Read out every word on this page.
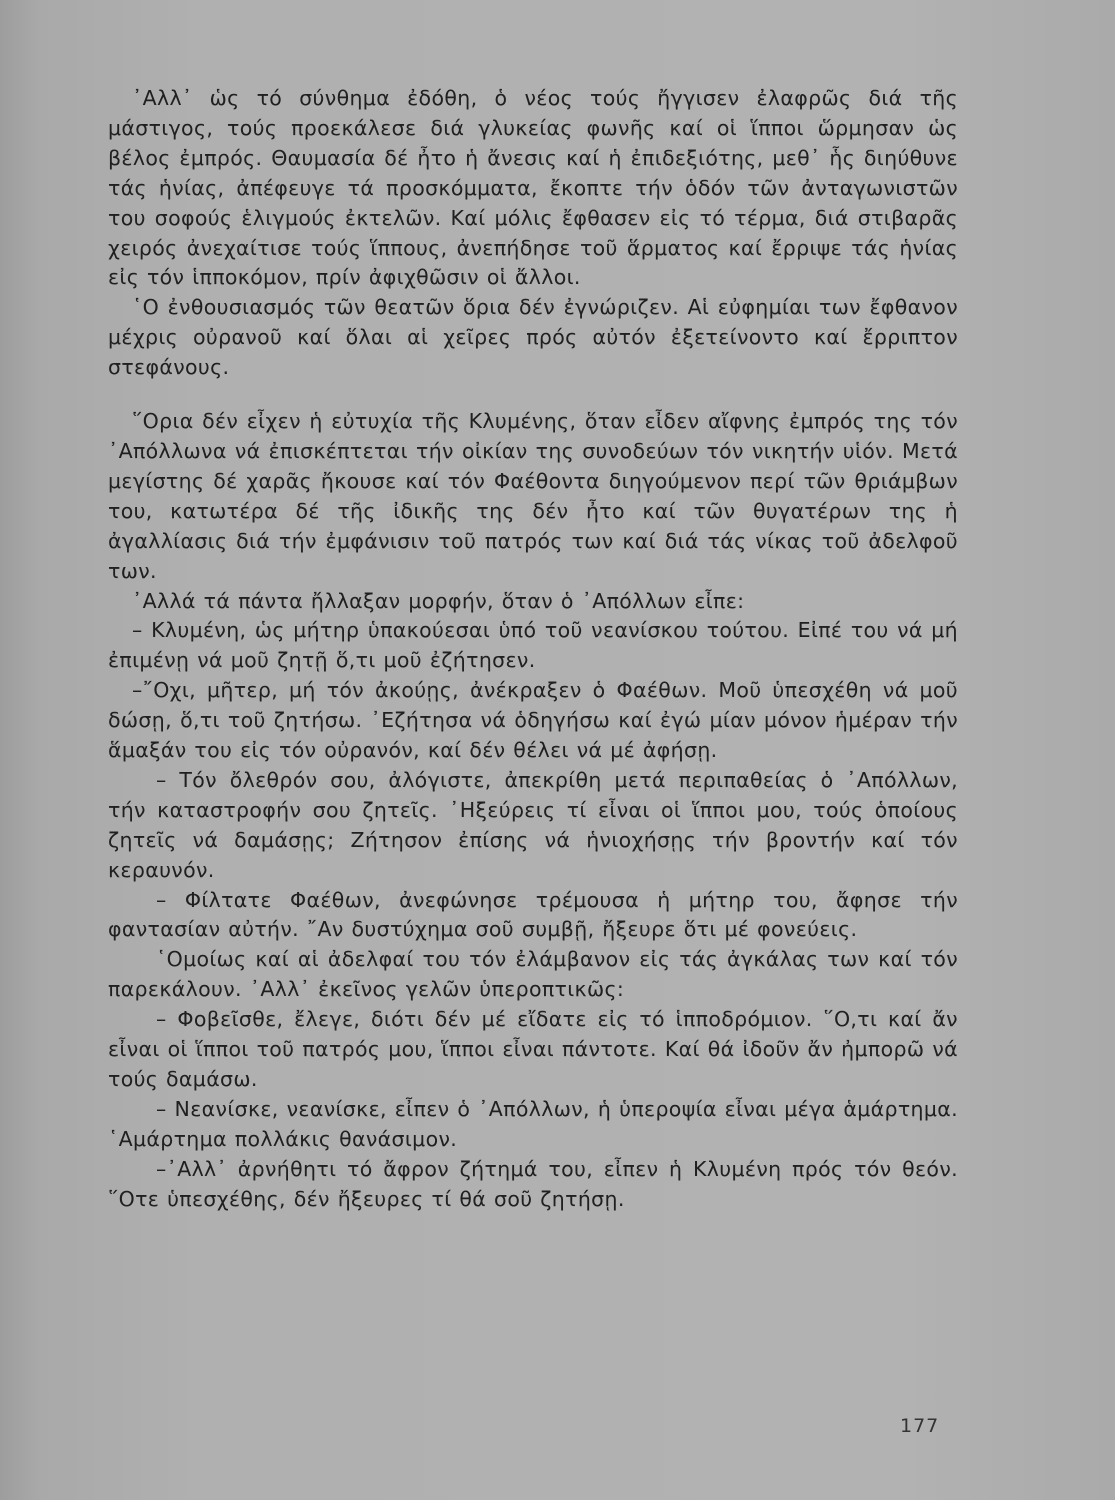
᾿Αλλ᾿ ὡς τό σύνθημα ἐδόθη, ὁ νέος τούς ἤγγισεν ἐλαφρῶς διά τῆς μάστιγος, τούς προεκάλεσε διά γλυκείας φωνῆς καί οἱ ἵπποι ὥρμησαν ὡς βέλος ἐμπρός. Θαυμασία δέ ἦτο ἡ ἄνεσις καί ἡ ἐπιδεξιότης, μεθ᾿ ἧς διηύθυνε τάς ἡνίας, ἀπέφευγε τά προσκόμματα, ἔκοπτε τήν ὁδόν τῶν ἀνταγωνιστῶν του σοφούς ἑλιγμούς ἐκτελῶν. Καί μόλις ἔφθασεν εἰς τό τέρμα, διά στιβαρᾶς χειρός ἀνεχαίτισε τούς ἵππους, ἀνεπήδησε τοῦ ἅρματος καί ἔρριψε τάς ἡνίας εἰς τόν ἱπποκόμον, πρίν ἀφιχθῶσιν οἱ ἄλλοι.

῾Ο ἐνθουσιασμός τῶν θεατῶν ὅρια δέν ἐγνώριζεν. Αἱ εὐφημίαι των ἔφθανον μέχρις οὐρανοῦ καί ὅλαι αἱ χεῖρες πρός αὐτόν ἐξετείνοντο καί ἔρριπτον στεφάνους.

῞Ορια δέν εἶχεν ἡ εὐτυχία τῆς Κλυμένης, ὅταν εἶδεν αἴφνης ἐμπρός της τόν ᾿Απόλλωνα νά ἐπισκέπτεται τήν οἰκίαν της συνοδεύων τόν νικητήν υἱόν. Μετά μεγίστης δέ χαρᾶς ἤκουσε καί τόν Φαέθοντα διηγούμενον περί τῶν θριάμβων του, κατωτέρα δέ τῆς ἰδικῆς της δέν ἦτο καί τῶν θυγατέρων της ἡ ἀγαλλίασις διά τήν ἐμφάνισιν τοῦ πατρός των καί διά τάς νίκας τοῦ ἀδελφοῦ των.

᾿Αλλά τά πάντα ἤλλαξαν μορφήν, ὅταν ὁ ᾿Απόλλων εἶπε:

– Κλυμένη, ὡς μήτηρ ὑπακούεσαι ὑπό τοῦ νεανίσκου τούτου. Εἰπέ του νά μή ἐπιμένῃ νά μοῦ ζητῇ ὅ,τι μοῦ ἐζήτησεν.

–῎Οχι, μῆτερ, μή τόν ἀκούῃς, ἀνέκραξεν ὁ Φαέθων. Μοῦ ὑπεσχέθη νά μοῦ δώσῃ, ὅ,τι τοῦ ζητήσω. ᾿Εζήτησα νά ὁδηγήσω καί ἐγώ μίαν μόνον ἡμέραν τήν ἅμαξάν του εἰς τόν οὐρανόν, καί δέν θέλει νά μέ ἀφήσῃ.

– Τόν ὄλεθρόν σου, ἀλόγιστε, ἀπεκρίθη μετά περιπαθείας ὁ ᾿Απόλλων, τήν καταστροφήν σου ζητεῖς. ᾿Ηξεύρεις τί εἶναι οἱ ἵπποι μου, τούς ὁποίους ζητεῖς νά δαμάσῃς; Ζήτησον ἐπίσης νά ἡνιοχήσῃς τήν βροντήν καί τόν κεραυνόν.

– Φίλτατε Φαέθων, ἀνεφώνησε τρέμουσα ἡ μήτηρ του, ἄφησε τήν φαντασίαν αὐτήν. ῎Αν δυστύχημα σοῦ συμβῇ, ἤξευρε ὅτι μέ φονεύεις.

῾Ομοίως καί αἱ ἀδελφαί του τόν ἐλάμβανον εἰς τάς ἀγκάλας των καί τόν παρεκάλουν. ᾿Αλλ᾿ ἐκεῖνος γελῶν ὑπεροπτικῶς:

– Φοβεῖσθε, ἔλεγε, διότι δέν μέ εἴδατε εἰς τό ἱπποδρόμιον. ῞Ο,τι καί ἄν εἶναι οἱ ἵπποι τοῦ πατρός μου, ἵπποι εἶναι πάντοτε. Καί θά ἰδοῦν ἄν ἠμπορῶ νά τούς δαμάσω.

– Νεανίσκε, νεανίσκε, εἶπεν ὁ ᾿Απόλλων, ἡ ὑπεροψία εἶναι μέγα ἁμάρτημα. ῾Αμάρτημα πολλάκις θανάσιμον.

–᾿Αλλ᾿ ἀρνήθητι τό ἄφρον ζήτημά του, εἶπεν ἡ Κλυμένη πρός τόν θεόν. ῞Οτε ὑπεσχέθης, δέν ἤξευρες τί θά σοῦ ζητήσῃ.

177
